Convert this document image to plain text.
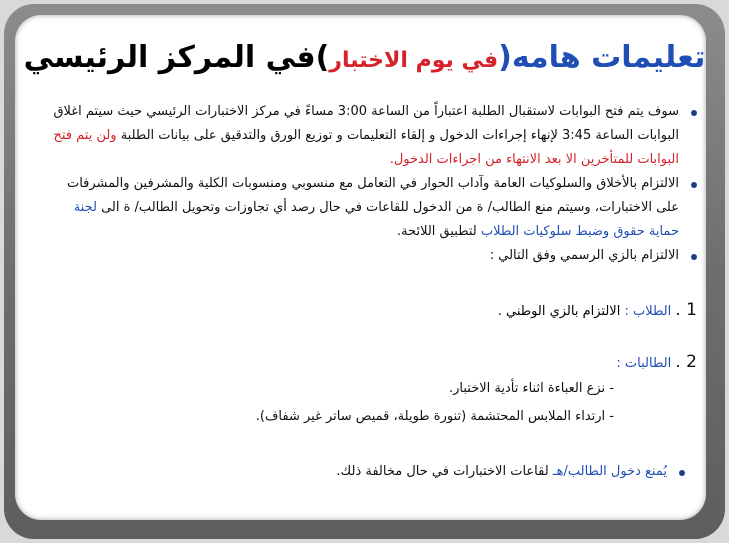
تعليمات هامه(في يوم الاختبار)في المركز الرئيسي

سوف يتم فتح البوابات لاستقبال الطلبة اعتباراً من الساعة 3:00 مساءً في مركز الاختبارات الرئيسي حيث سيتم اغلاق البوابات الساعة 3:45 لإنهاء إجراءات الدخول و إلقاء التعليمات و توزيع الورق والتدقيق على بيانات الطلبة ولن يتم فتح البوابات للمتأخرين الا بعد الانتهاء من اجراءات الدخول.

الالتزام بالأخلاق والسلوكيات العامة وآداب الحوار في التعامل مع منسوبي ومنسوبات الكلية والمشرفين والمشرفات على الاختبارات، وسيتم منع الطالب/ ة من الدخول للقاعات في حال رصد أي تجاوزات وتحويل الطالب/ ة الى لجنة حماية حقوق وضبط سلوكيات الطلاب لتطبيق اللائحة.

الالتزام بالزي الرسمي وفق التالي :

1 . الطلاب : الالتزام بالزي الوطني .
2 . الطالبات :
- نزع العباءة اثناء تأدية الاختبار.
- ارتداء الملابس المحتشمة (تنورة طويلة، قميص ساتر غير شفاف).

يُمنع دخول الطالب/هـ لقاعات الاختبارات في حال مخالفة ذلك.
